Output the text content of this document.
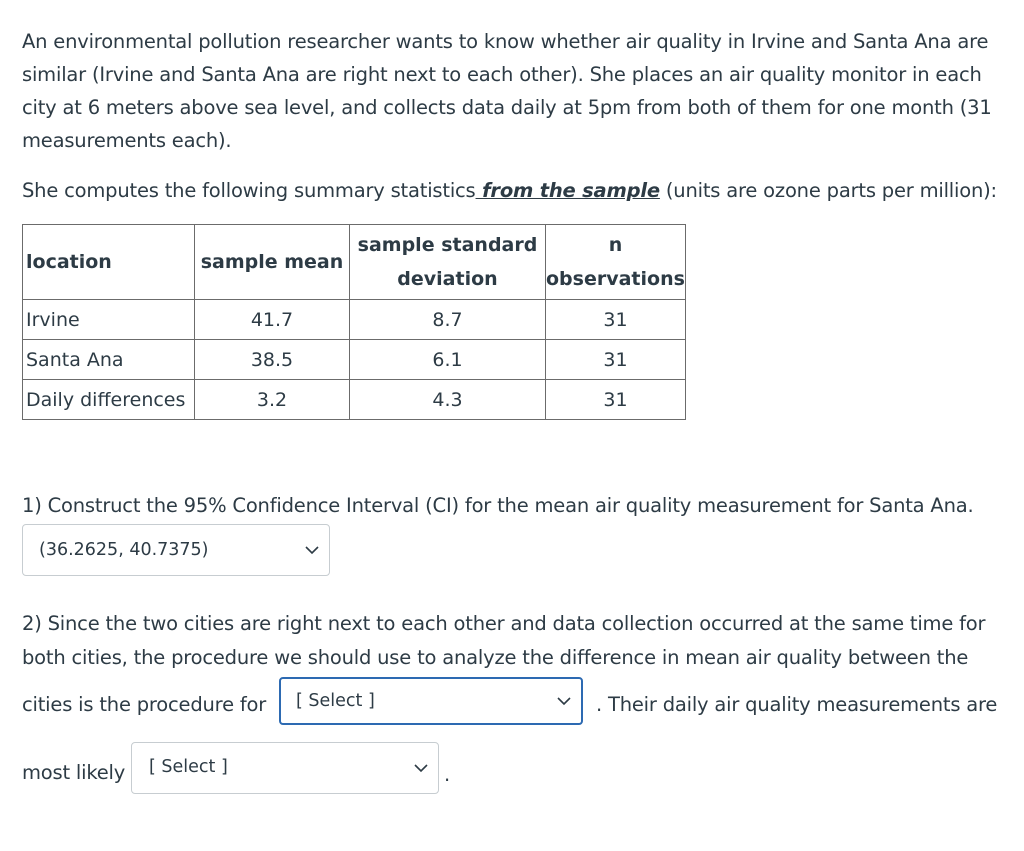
An environmental pollution researcher wants to know whether air quality in Irvine and Santa Ana are similar (Irvine and Santa Ana are right next to each other). She places an air quality monitor in each city at 6 meters above sea level, and collects data daily at 5pm from both of them for one month (31 measurements each).

She computes the following summary statistics from the sample (units are ozone parts per million):

location	sample mean	sample standard deviation	n observations
Irvine	41.7	8.7	31
Santa Ana	38.5	6.1	31
Daily differences	3.2	4.3	31

1) Construct the 95% Confidence Interval (CI) for the mean air quality measurement for Santa Ana.

(36.2625, 40.7375)

2) Since the two cities are right next to each other and data collection occurred at the same time for

both cities, the procedure we should use to analyze the difference in mean air quality between the

cities is the procedure for [ Select ]	. Their daily air quality measurements are

most likely [ Select ]	.
